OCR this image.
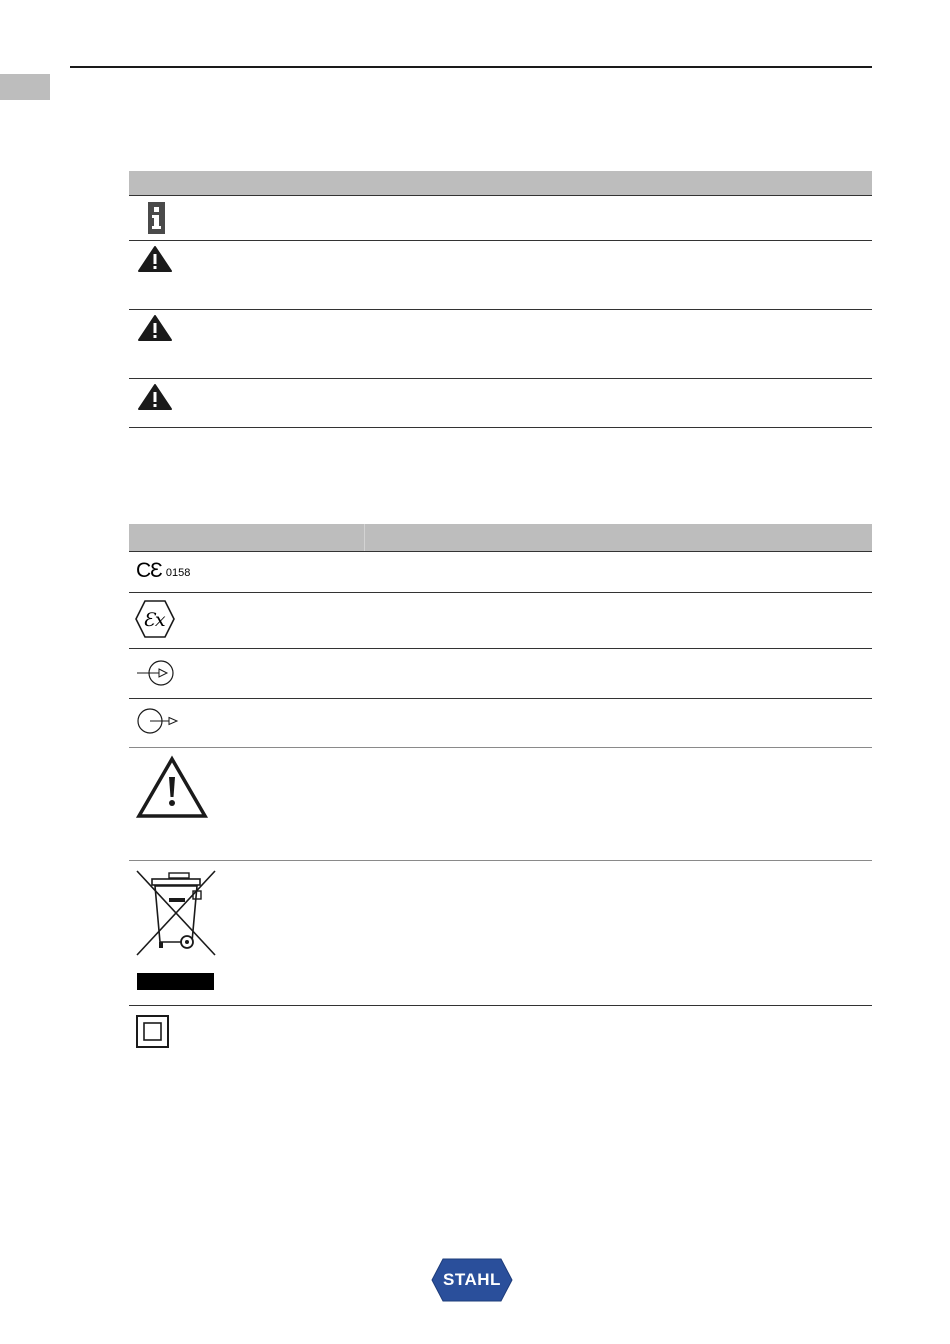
CƐ 0158
Ɛx
STAHL
